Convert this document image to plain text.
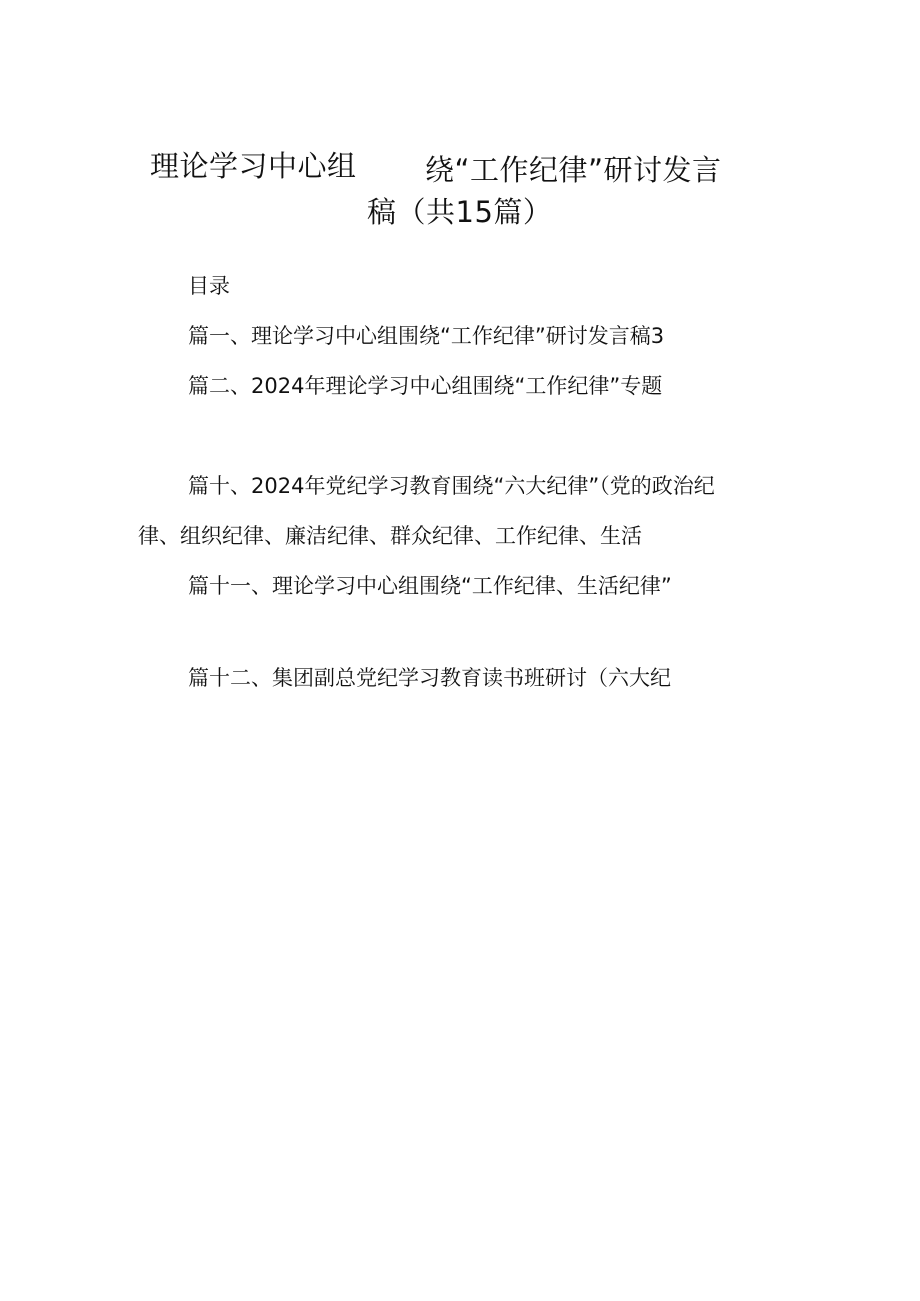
理论学习中心组 绕“工作纪律”研讨发言
稿（共15篇）
目录
篇一、理论学习中心组围绕“工作纪律”研讨发言稿3
篇二、2024年理论学习中心组围绕“工作纪律”专题
篇十、2024年党纪学习教育围绕“六大纪律”（党的政治纪
律、组织纪律、廉洁纪律、群众纪律、工作纪律、生活
篇十一、理论学习中心组围绕“工作纪律、生活纪律”
篇十二、集团副总党纪学习教育读书班研讨（六大纪
